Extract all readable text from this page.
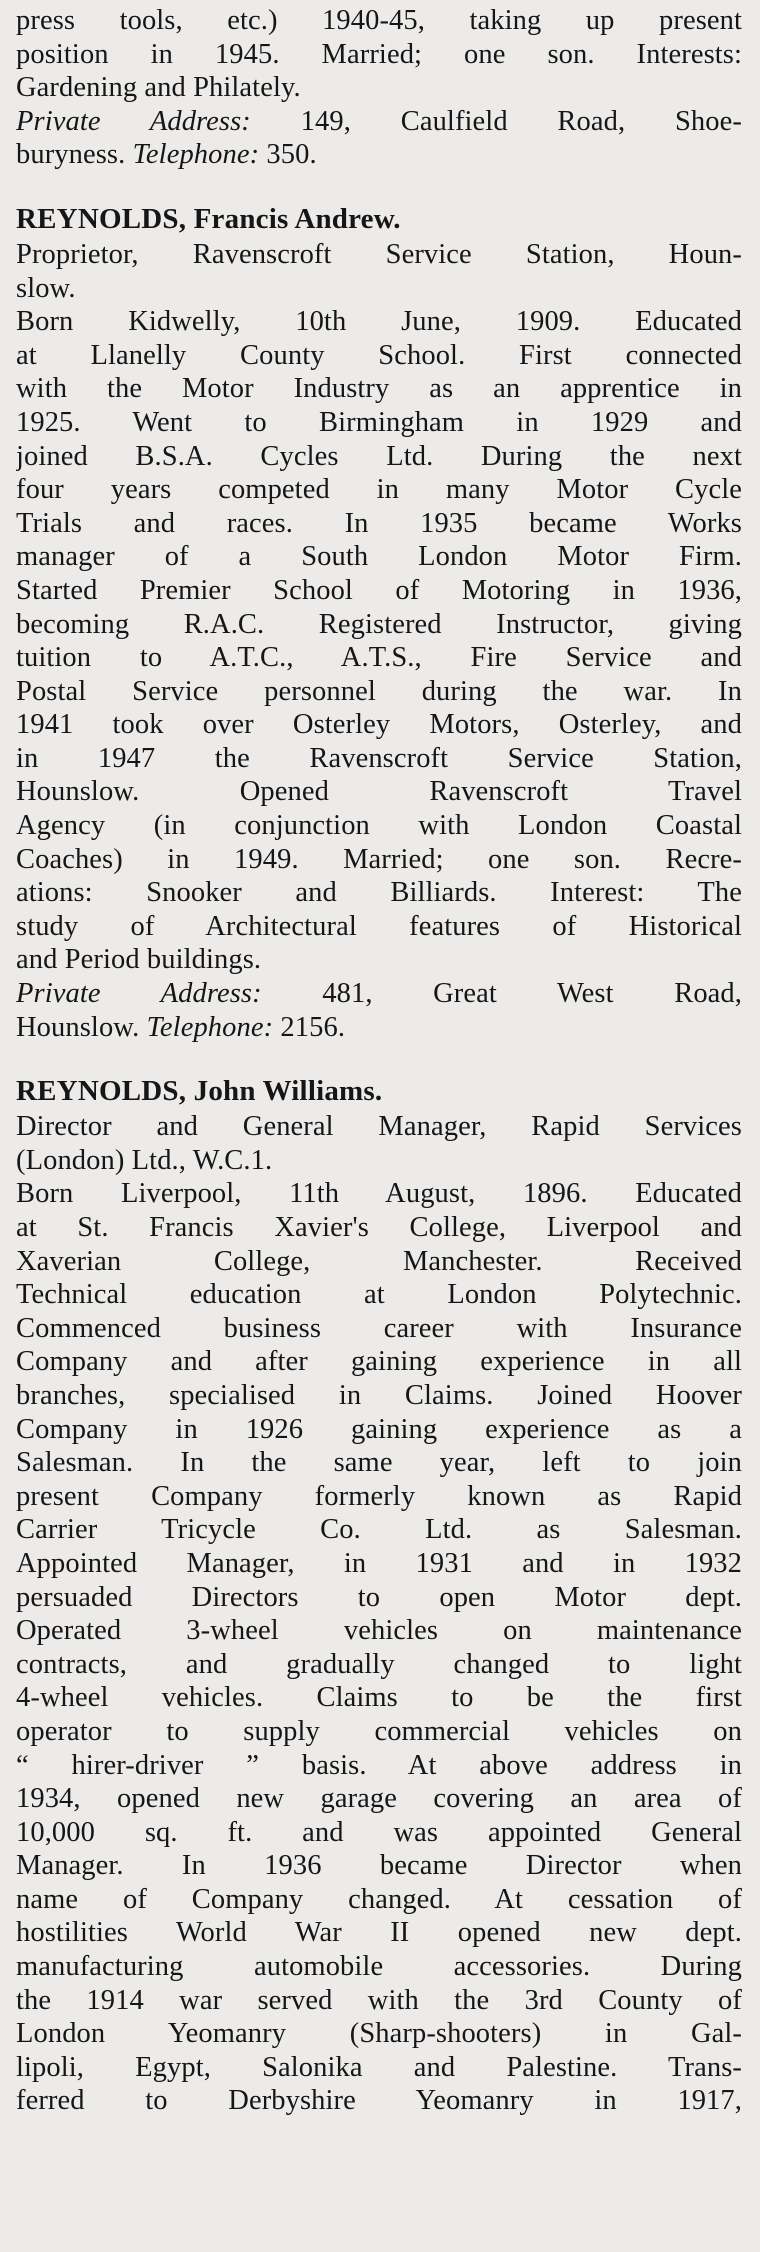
press tools, etc.) 1940-45, taking up present
position in 1945. Married; one son. Interests:
Gardening and Philately.
Private Address: 149, Caulfield Road, Shoe-
buryness. Telephone: 350.
REYNOLDS, Francis Andrew.
Proprietor, Ravenscroft Service Station, Houn-
slow.
Born Kidwelly, 10th June, 1909. Educated
at Llanelly County School. First connected
with the Motor Industry as an apprentice in
1925. Went to Birmingham in 1929 and
joined B.S.A. Cycles Ltd. During the next
four years competed in many Motor Cycle
Trials and races. In 1935 became Works
manager of a South London Motor Firm.
Started Premier School of Motoring in 1936,
becoming R.A.C. Registered Instructor, giving
tuition to A.T.C., A.T.S., Fire Service and
Postal Service personnel during the war. In
1941 took over Osterley Motors, Osterley, and
in 1947 the Ravenscroft Service Station,
Hounslow. Opened Ravenscroft Travel
Agency (in conjunction with London Coastal
Coaches) in 1949. Married; one son. Recre-
ations: Snooker and Billiards. Interest: The
study of Architectural features of Historical
and Period buildings.
Private Address: 481, Great West Road,
Hounslow. Telephone: 2156.
REYNOLDS, John Williams.
Director and General Manager, Rapid Services
(London) Ltd., W.C.1.
Born Liverpool, 11th August, 1896. Educated
at St. Francis Xavier's College, Liverpool and
Xaverian College, Manchester. Received
Technical education at London Polytechnic.
Commenced business career with Insurance
Company and after gaining experience in all
branches, specialised in Claims. Joined Hoover
Company in 1926 gaining experience as a
Salesman. In the same year, left to join
present Company formerly known as Rapid
Carrier Tricycle Co. Ltd. as Salesman.
Appointed Manager, in 1931 and in 1932
persuaded Directors to open Motor dept.
Operated 3-wheel vehicles on maintenance
contracts, and gradually changed to light
4-wheel vehicles. Claims to be the first
operator to supply commercial vehicles on
“ hirer-driver ” basis. At above address in
1934, opened new garage covering an area of
10,000 sq. ft. and was appointed General
Manager. In 1936 became Director when
name of Company changed. At cessation of
hostilities World War II opened new dept.
manufacturing automobile accessories. During
the 1914 war served with the 3rd County of
London Yeomanry (Sharp-shooters) in Gal-
lipoli, Egypt, Salonika and Palestine. Trans-
ferred to Derbyshire Yeomanry in 1917,
